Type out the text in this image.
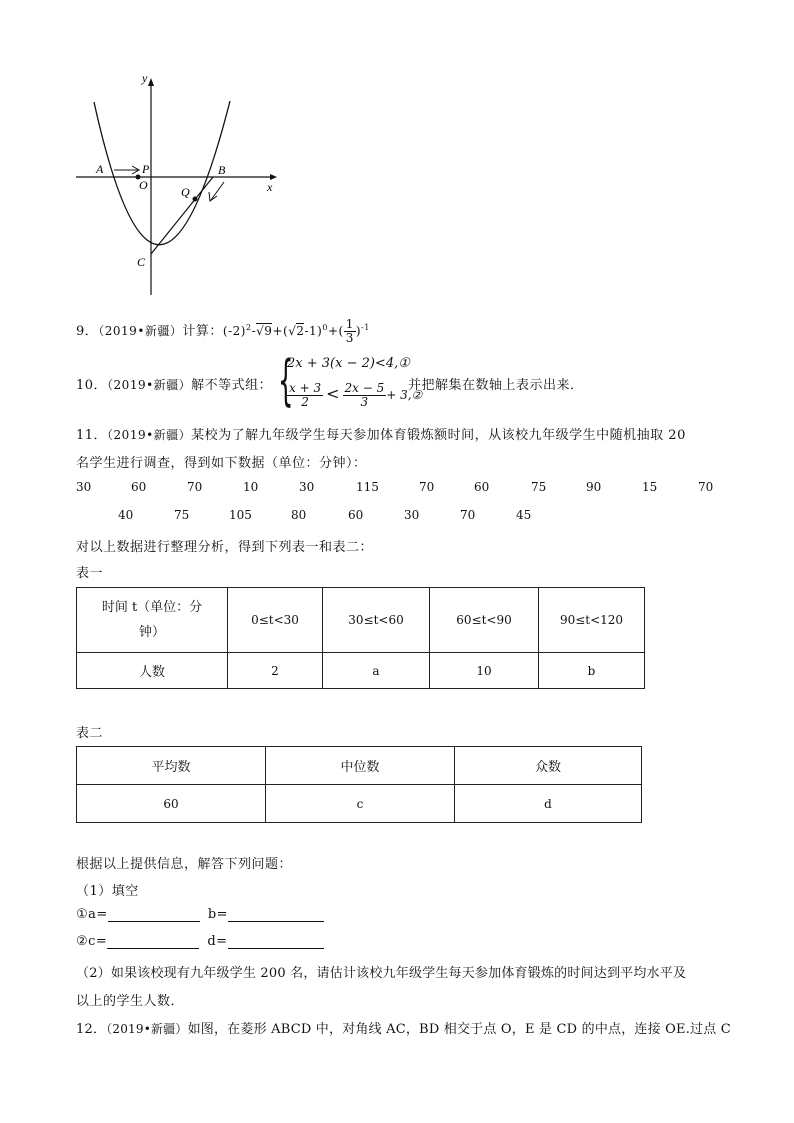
y
x
A	P
O
B
Q
C
9．（2019•新疆）计算：$(-2)^2-√9+(√2-1)^0+( \frac{1}{3} )^{-1}$
10．（2019•新疆）解不等式组： {
2x + 3(x − 2)<4,①
$\frac{x + 3}{2} < \frac{2x - 5}{3}$ + 3,②
并把解集在数轴上表示出来．
11．（2019•新疆）某校为了解九年级学生每天参加体育锻炼额时间，从该校九年级学生中随机抽取 20
名学生进行调查，得到如下数据（单位：分钟）：
30	60	70	10	30	115	70	60	75	90	15	70
40	75	105	80	60	30	70	45
对以上数据进行整理分析，得到下列表一和表二：
表一
时间 t（单位：分
钟）	0≤t<30	30≤t<60	60≤t<90	90≤t<120
人数	2	a	10	b
表二
平均数	中位数	众数
60	c	d
根据以上提供信息，解答下列问题：
（1）填空
①a=	b=
②c=	d=
（2）如果该校现有九年级学生 200 名，请估计该校九年级学生每天参加体育锻炼的时间达到平均水平及
以上的学生人数．
12．（2019•新疆）如图，在菱形 ABCD 中，对角线 AC，BD 相交于点 O，E 是 CD 的中点，连接 OE.过点 C
